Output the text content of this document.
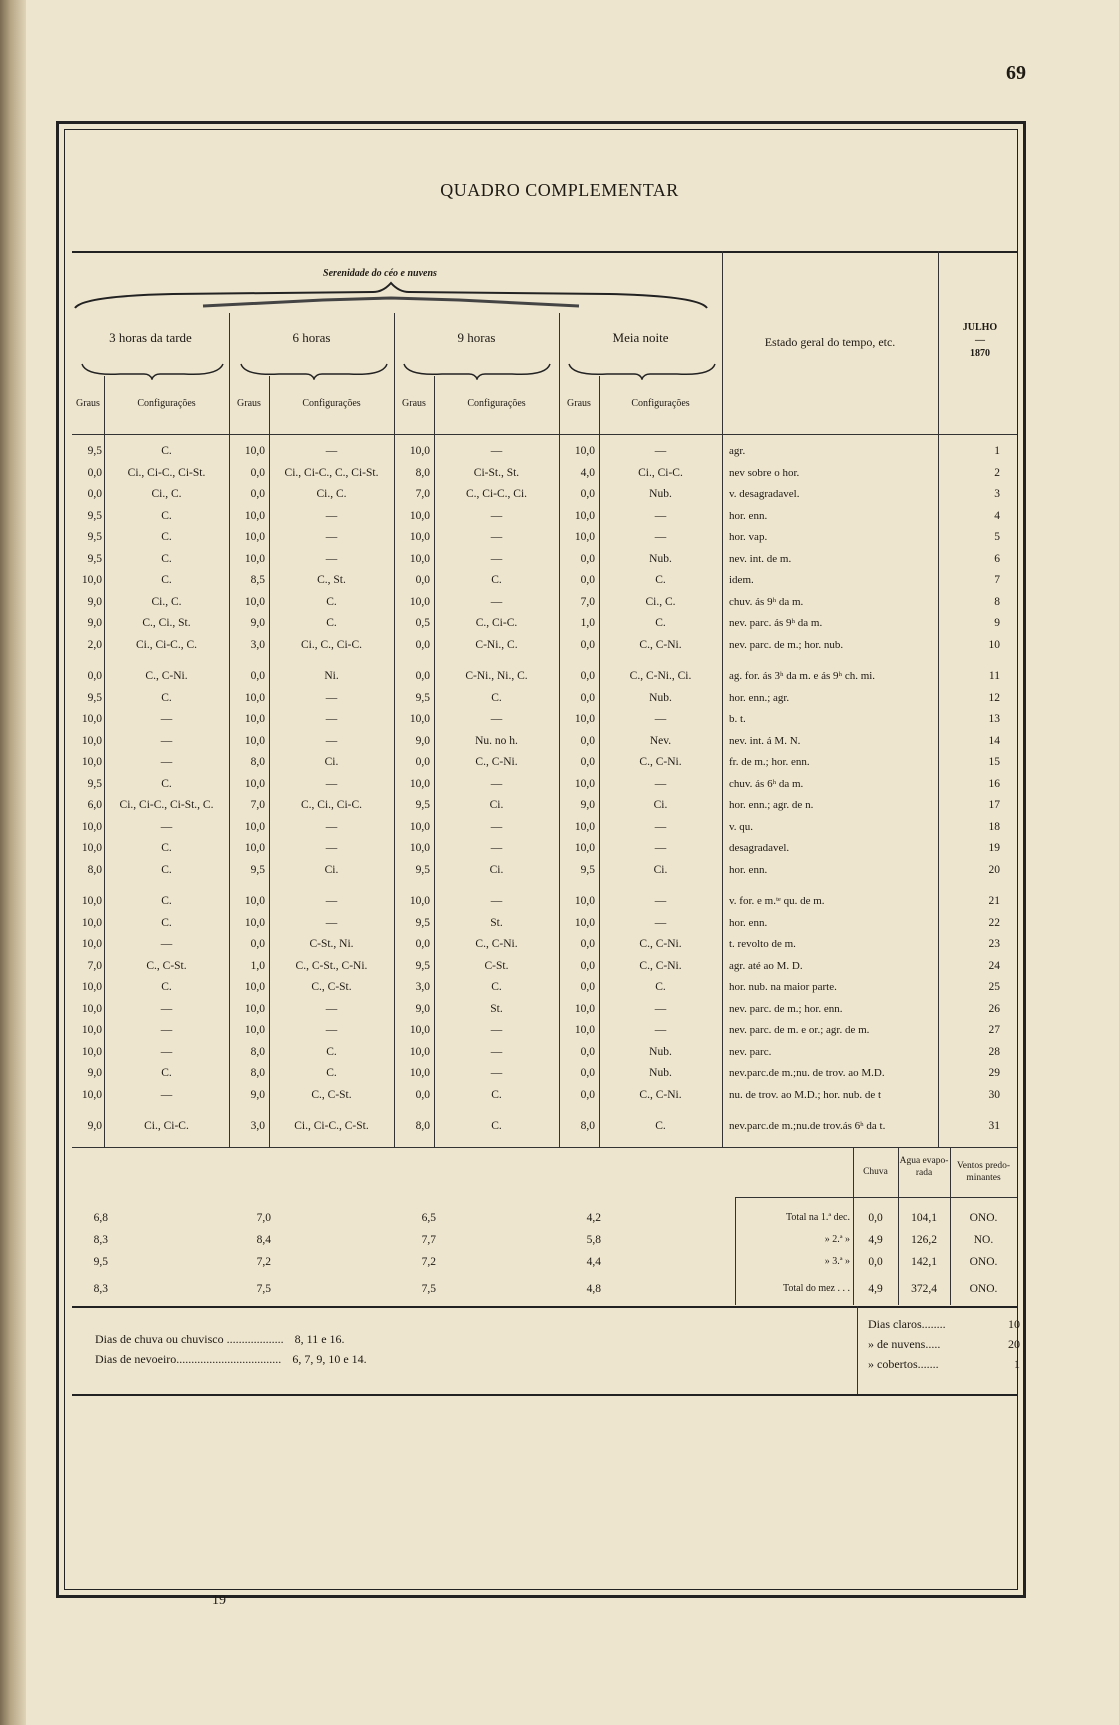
69
QUADRO COMPLEMENTAR
Serenidade do céo e nuvens
3 horas da tarde	6 horas	9 horas	Meia noite	Estado geral do tempo, etc.
JULHO
—
1870
Graus	Configurações	Graus	Configurações	Graus	Configurações	Graus	Configurações
9,5	C.	10,0	—	10,0	—	10,0	—	agr.	1
0,0	Ci., Ci-C., Ci-St.	0,0	Ci., Ci-C., C., Ci-St.	8,0	Ci-St., St.	4,0	Ci., Ci-C.	nev sobre o hor.	2
0,0	Ci., C.	0,0	Ci., C.	7,0	C., Ci-C., Ci.	0,0	Nub.	v. desagradavel.	3
9,5	C.	10,0	—	10,0	—	10,0	—	hor. enn.	4
9,5	C.	10,0	—	10,0	—	10,0	—	hor. vap.	5
9,5	C.	10,0	—	10,0	—	0,0	Nub.	nev. int. de m.	6
10,0	C.	8,5	C., St.	0,0	C.	0,0	C.	idem.	7
9,0	Ci., C.	10,0	C.	10,0	—	7,0	Ci., C.	chuv. ás 9ʰ da m.	8
9,0	C., Ci., St.	9,0	C.	0,5	C., Ci-C.	1,0	C.	nev. parc. ás 9ʰ da m.	9
2,0	Ci., Ci-C., C.	3,0	Ci., C., Ci-C.	0,0	C-Ni., C.	0,0	C., C-Ni.	nev. parc. de m.; hor. nub.	10
0,0	C., C-Ni.	0,0	Ni.	0,0	C-Ni., Ni., C.	0,0	C., C-Ni., Ci.	ag. for. ás 3ʰ da m. e ás 9ʰ ch. mi.	11
9,5	C.	10,0	—	9,5	C.	0,0	Nub.	hor. enn.; agr.	12
10,0	—	10,0	—	10,0	—	10,0	—	b. t.	13
10,0	—	10,0	—	9,0	Nu. no h.	0,0	Nev.	nev. int. á M. N.	14
10,0	—	8,0	Ci.	0,0	C., C-Ni.	0,0	C., C-Ni.	fr. de m.; hor. enn.	15
9,5	C.	10,0	—	10,0	—	10,0	—	chuv. ás 6ʰ da m.	16
6,0	Ci., Ci-C., Ci-St., C.	7,0	C., Ci., Ci-C.	9,5	Ci.	9,0	Ci.	hor. enn.; agr. de n.	17
10,0	—	10,0	—	10,0	—	10,0	—	v. qu.	18
10,0	C.	10,0	—	10,0	—	10,0	—	desagradavel.	19
8,0	C.	9,5	Ci.	9,5	Ci.	9,5	Ci.	hor. enn.	20
10,0	C.	10,0	—	10,0	—	10,0	—	v. for. e m.ᵗᵉ qu. de m.	21
10,0	C.	10,0	—	9,5	St.	10,0	—	hor. enn.	22
10,0	—	0,0	C-St., Ni.	0,0	C., C-Ni.	0,0	C., C-Ni.	t. revolto de m.	23
7,0	C., C-St.	1,0	C., C-St., C-Ni.	9,5	C-St.	0,0	C., C-Ni.	agr. até ao M. D.	24
10,0	C.	10,0	C., C-St.	3,0	C.	0,0	C.	hor. nub. na maior parte.	25
10,0	—	10,0	—	9,0	St.	10,0	—	nev. parc. de m.; hor. enn.	26
10,0	—	10,0	—	10,0	—	10,0	—	nev. parc. de m. e or.; agr. de m.	27
10,0	—	8,0	C.	10,0	—	0,0	Nub.	nev. parc.	28
9,0	C.	8,0	C.	10,0	—	0,0	Nub.	nev.parc.de m.;nu. de trov. ao M.D.	29
10,0	—	9,0	C., C-St.	0,0	C.	0,0	C., C-Ni.	nu. de trov. ao M.D.; hor. nub. de t	30
9,0	Ci., Ci-C.	3,0	Ci., Ci-C., C-St.	8,0	C.	8,0	C.	nev.parc.de m.;nu.de trov.ás 6ʰ da t.	31
Chuva
Agua evapo- rada
Ventos predo- minantes
6,8	7,0	6,5	4,2	Total na 1.ª dec.	0,0	104,1	ONO.
8,3	8,4	7,7	5,8	» 2.ª »	4,9	126,2	NO.
9,5	7,2	7,2	4,4	» 3.ª »	0,0	142,1	ONO.
8,3	7,5	7,5	4,8	Total do mez . . .	4,9	372,4	ONO.
Dias de chuva ou chuvisco ................... 8, 11 e 16.
Dias de nevoeiro................................... 6, 7, 9, 10 e 14.
Dias claros........	10
» de nuvens.....	20
» cobertos.......	1
19
